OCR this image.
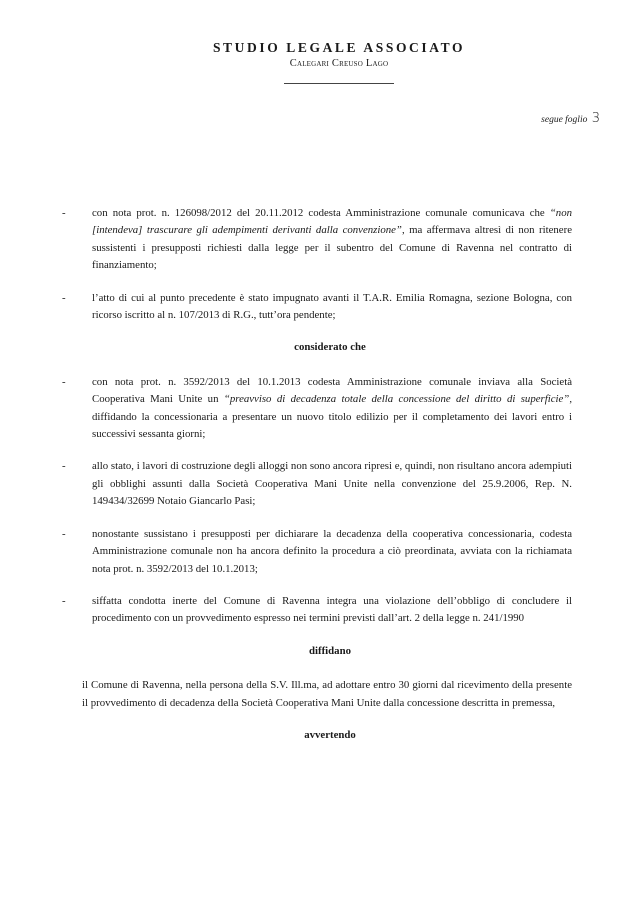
STUDIO LEGALE ASSOCIATO
Calegari Creuso Lago
segue foglio 3
- con nota prot. n. 126098/2012 del 20.11.2012 codesta Amministrazione comunale comunicava che “non [intendeva] trascurare gli adempimenti derivanti dalla convenzione”, ma affermava altresì di non ritenere sussistenti i presupposti richiesti dalla legge per il subentro del Comune di Ravenna nel contratto di finanziamento;
- l’atto di cui al punto precedente è stato impugnato avanti il T.A.R. Emilia Romagna, sezione Bologna, con ricorso iscritto al n. 107/2013 di R.G., tutt’ora pendente;
considerato che
- con nota prot. n. 3592/2013 del 10.1.2013 codesta Amministrazione comunale inviava alla Società Cooperativa Mani Unite un “preavviso di decadenza totale della concessione del diritto di superficie”, diffidando la concessionaria a presentare un nuovo titolo edilizio per il completamento dei lavori entro i successivi sessanta giorni;
- allo stato, i lavori di costruzione degli alloggi non sono ancora ripresi e, quindi, non risultano ancora adempiuti gli obblighi assunti dalla Società Cooperativa Mani Unite nella convenzione del 25.9.2006, Rep. N. 149434/32699 Notaio Giancarlo Pasi;
- nonostante sussistano i presupposti per dichiarare la decadenza della cooperativa concessionaria, codesta Amministrazione comunale non ha ancora definito la procedura a ciò preordinata, avviata con la richiamata nota prot. n. 3592/2013 del 10.1.2013;
- siffatta condotta inerte del Comune di Ravenna integra una violazione dell’obbligo di concludere il procedimento con un provvedimento espresso nei termini previsti dall’art. 2 della legge n. 241/1990
diffidano
il Comune di Ravenna, nella persona della S.V. Ill.ma, ad adottare entro 30 giorni dal ricevimento della presente il provvedimento di decadenza della Società Cooperativa Mani Unite dalla concessione descritta in premessa,
avvertendo
